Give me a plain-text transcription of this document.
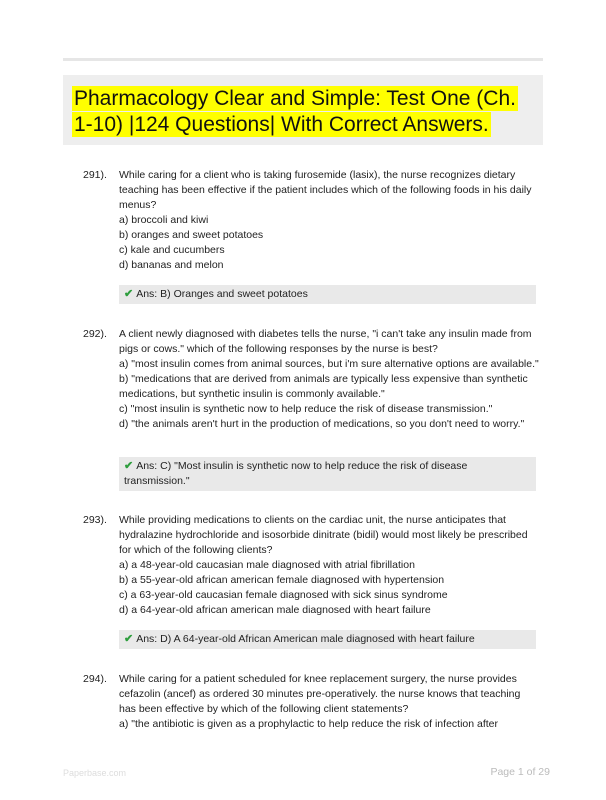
Pharmacology Clear and Simple: Test One (Ch. 1-10) |124 Questions| With Correct Answers.
291).	While caring for a client who is taking furosemide (lasix), the nurse recognizes dietary teaching has been effective if the patient includes which of the following foods in his daily menus?

a) broccoli and kiwi

b) oranges and sweet potatoes

c) kale and cucumbers

d) bananas and melon

✔ Ans: B) Oranges and sweet potatoes
292).	A client newly diagnosed with diabetes tells the nurse, "i can't take any insulin made from pigs or cows." which of the following responses by the nurse is best?

a) "most insulin comes from animal sources, but i'm sure alternative options are available."

b) "medications that are derived from animals are typically less expensive than synthetic medications, but synthetic insulin is commonly available."

c) "most insulin is synthetic now to help reduce the risk of disease transmission."

d) "the animals aren't hurt in the production of medications, so you don't need to worry."

✔ Ans: C) "Most insulin is synthetic now to help reduce the risk of disease transmission."
293).	While providing medications to clients on the cardiac unit, the nurse anticipates that hydralazine hydrochloride and isosorbide dinitrate (bidil) would most likely be prescribed for which of the following clients?

a) a 48-year-old caucasian male diagnosed with atrial fibrillation

b) a 55-year-old african american female diagnosed with hypertension

c) a 63-year-old caucasian female diagnosed with sick sinus syndrome

d) a 64-year-old african american male diagnosed with heart failure

✔ Ans: D) A 64-year-old African American male diagnosed with heart failure
294).	While caring for a patient scheduled for knee replacement surgery, the nurse provides cefazolin (ancef) as ordered 30 minutes pre-operatively. the nurse knows that teaching has been effective by which of the following client statements?

a) "the antibiotic is given as a prophylactic to help reduce the risk of infection after

Paperbase.com	Page 1 of 29
